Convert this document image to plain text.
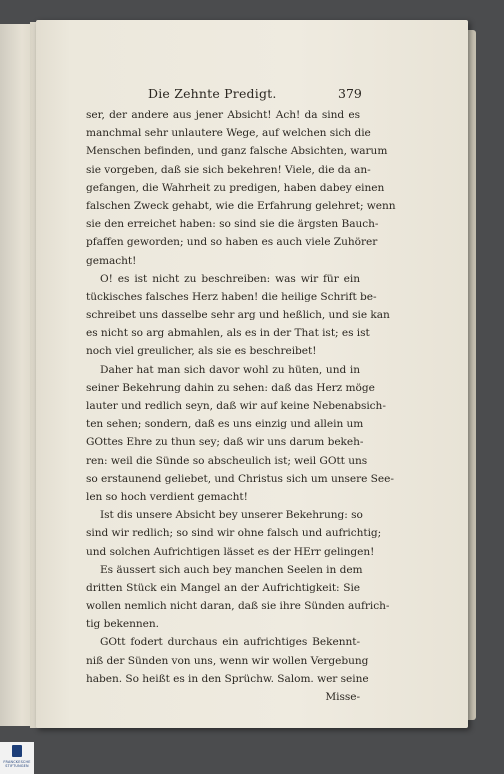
Die Zehnte Predigt.	379
ser, der andere aus jener Absicht! Ach! da sind es
manchmal sehr unlautere Wege, auf welchen sich die
Menschen befinden, und ganz falsche Absichten, warum
sie vorgeben, daß sie sich bekehren! Viele, die da an-
gefangen, die Wahrheit zu predigen, haben dabey einen
falschen Zweck gehabt, wie die Erfahrung gelehret; wenn
sie den erreichet haben: so sind sie die ärgsten Bauch-
pfaffen geworden; und so haben es auch viele Zuhörer
gemacht!
O! es ist nicht zu beschreiben: was wir für ein
tückisches falsches Herz haben! die heilige Schrift be-
schreibet uns dasselbe sehr arg und heßlich, und sie kan
es nicht so arg abmahlen, als es in der That ist; es ist
noch viel greulicher, als sie es beschreibet!
Daher hat man sich davor wohl zu hüten, und in
seiner Bekehrung dahin zu sehen: daß das Herz möge
lauter und redlich seyn, daß wir auf keine Nebenabsich-
ten sehen; sondern, daß es uns einzig und allein um
GOttes Ehre zu thun sey; daß wir uns darum bekeh-
ren: weil die Sünde so abscheulich ist; weil GOtt uns
so erstaunend geliebet, und Christus sich um unsere See-
len so hoch verdient gemacht!
Ist dis unsere Absicht bey unserer Bekehrung: so
sind wir redlich; so sind wir ohne falsch und aufrichtig;
und solchen Aufrichtigen lässet es der HErr gelingen!
Es äussert sich auch bey manchen Seelen in dem
dritten Stück ein Mangel an der Aufrichtigkeit: Sie
wollen nemlich nicht daran, daß sie ihre Sünden aufrich-
tig bekennen.
GOtt fodert durchaus ein aufrichtiges Bekennt-
niß der Sünden von uns, wenn wir wollen Vergebung
haben. So heißt es in den Sprüchw. Salom. wer seine
Misse-
FRANCKESCHE STIFTUNGEN
